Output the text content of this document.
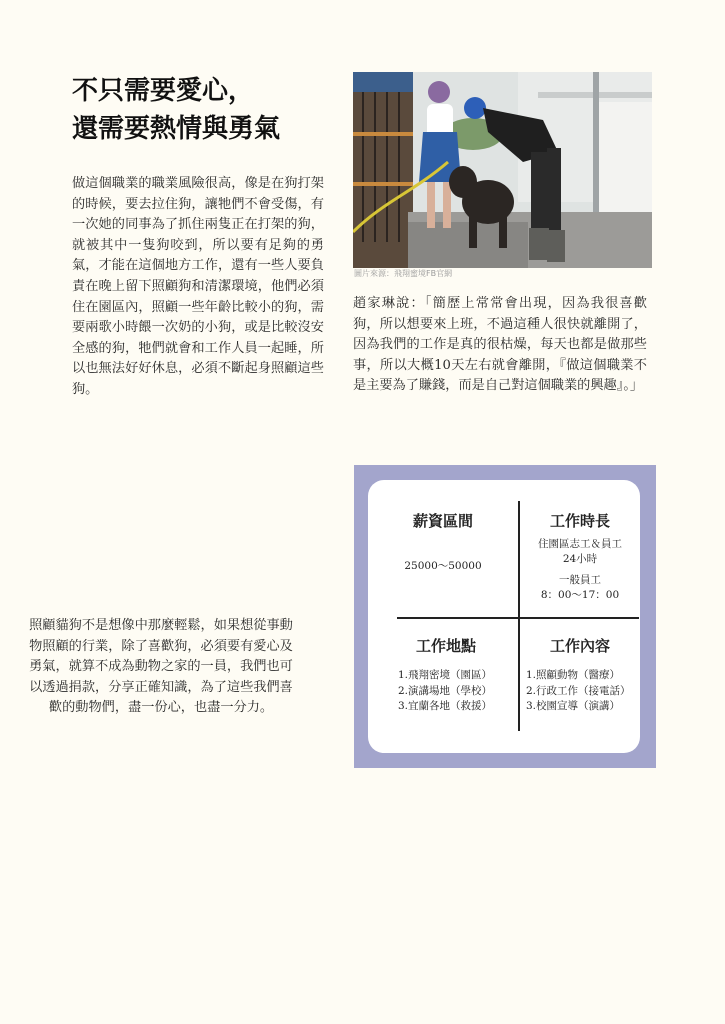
不只需要愛心，
還需要熱情與勇氣

做這個職業的職業風險很高，像是在狗打架的時候，要去拉住狗，讓牠們不會受傷，有一次她的同事為了抓住兩隻正在打架的狗，就被其中一隻狗咬到，所以要有足夠的勇氣，才能在這個地方工作，還有一些人要負責在晚上留下照顧狗和清潔環境，他們必須住在園區內，照顧一些年齡比較小的狗，需要兩歌小時餵一次奶的小狗，或是比較沒安全感的狗，牠們就會和工作人員一起睡，所以也無法好好休息，必須不斷起身照顧這些狗。

圖片來源：飛翔蜜境FB官網

趙家琳說：「簡歷上常常會出現，因為我很喜歡狗，所以想要來上班，不過這種人很快就離開了，因為我們的工作是真的很枯燥，每天也都是做那些事，所以大概10天左右就會離開，『做這個職業不是主要為了賺錢，而是自己對這個職業的興趣』。」

照顧貓狗不是想像中那麼輕鬆，如果想從事動物照顧的行業，除了喜歡狗，必須要有愛心及勇氣，就算不成為動物之家的一員，我們也可以透過捐款，分享正確知識，為了這些我們喜歡的動物們，盡一份心，也盡一分力。

薪資區間
25000～50000
工作時長
住園區志工＆員工
24小時
一般員工
8：00～17：00
工作地點
1.飛翔密境（園區）
2.演講場地（學校）
3.宜蘭各地（救援）
工作內容
1.照顧動物（醫療）
2.行政工作（接電話）
3.校園宣導（演講）
